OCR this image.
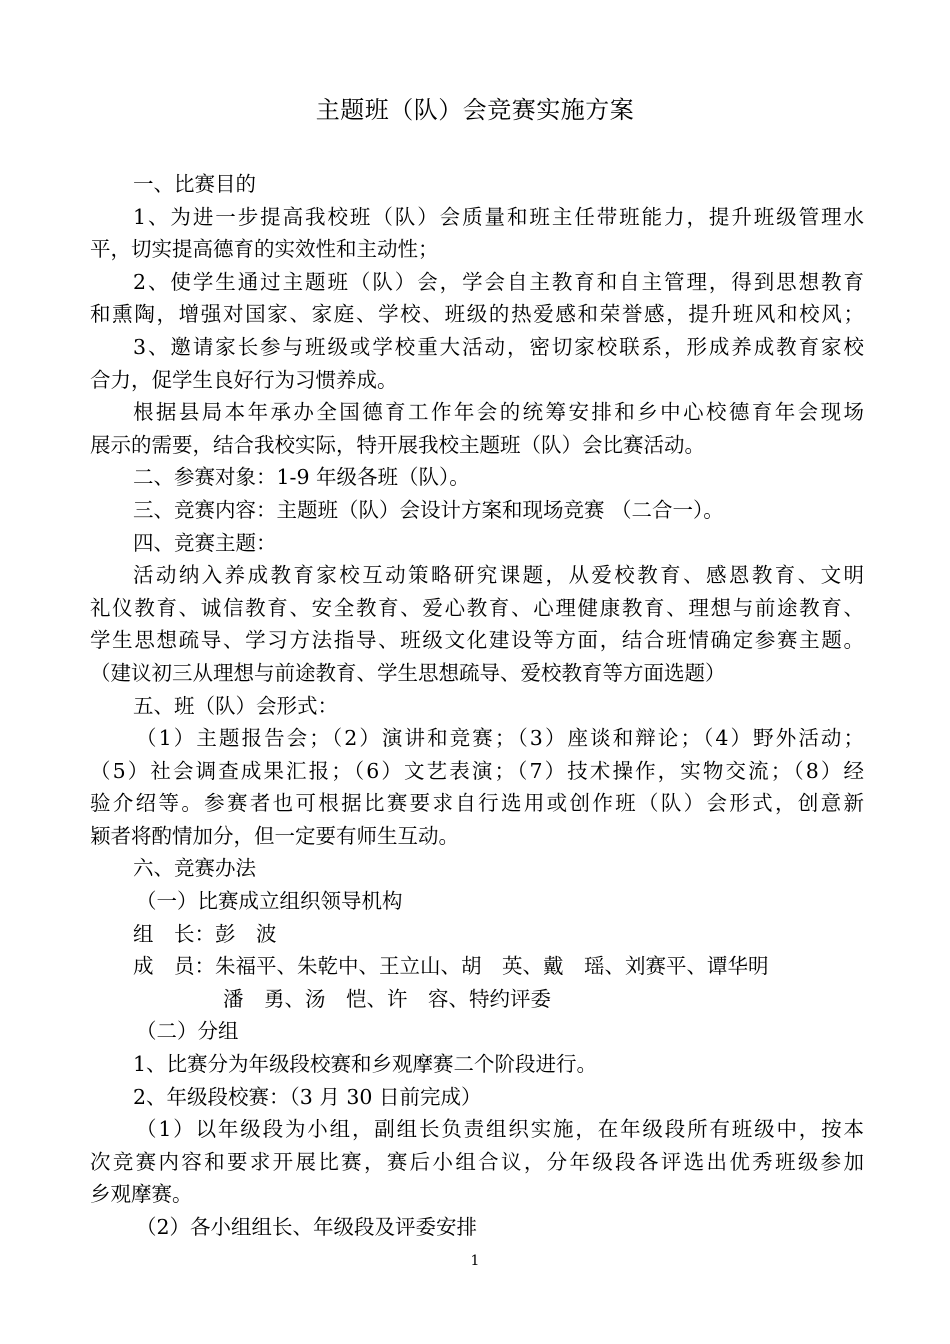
主题班（队）会竞赛实施方案

一、比赛目的

1、为进一步提高我校班（队）会质量和班主任带班能力，提升班级管理水

平，切实提高德育的实效性和主动性；

2、使学生通过主题班（队）会，学会自主教育和自主管理，得到思想教育

和熏陶，增强对国家、家庭、学校、班级的热爱感和荣誉感，提升班风和校风；

3、邀请家长参与班级或学校重大活动，密切家校联系，形成养成教育家校

合力，促学生良好行为习惯养成。

根据县局本年承办全国德育工作年会的统筹安排和乡中心校德育年会现场

展示的需要，结合我校实际，特开展我校主题班（队）会比赛活动。

二、参赛对象：1-9 年级各班（队）。

三、竞赛内容：主题班（队）会设计方案和现场竞赛 （二合一）。

四、竞赛主题：

活动纳入养成教育家校互动策略研究课题，从爱校教育、感恩教育、文明

礼仪教育、诚信教育、安全教育、爱心教育、心理健康教育、理想与前途教育、

学生思想疏导、学习方法指导、班级文化建设等方面，结合班情确定参赛主题。

（建议初三从理想与前途教育、学生思想疏导、爱校教育等方面选题）

五、班（队）会形式：

（1）主题报告会；（2）演讲和竞赛；（3）座谈和辩论；（4）野外活动；

（5）社会调查成果汇报；（6）文艺表演；（7）技术操作，实物交流；（8）经

验介绍等。参赛者也可根据比赛要求自行选用或创作班（队）会形式，创意新

颖者将酌情加分，但一定要有师生互动。

六、竞赛办法

（一）比赛成立组织领导机构

组　长：彭　波

成　员：朱福平、朱乾中、王立山、胡　英、戴　瑶、刘赛平、谭华明

潘　勇、汤　恺、许　容、特约评委

（二）分组

1、比赛分为年级段校赛和乡观摩赛二个阶段进行。

2、年级段校赛：（3 月 30 日前完成）

（1）以年级段为小组，副组长负责组织实施，在年级段所有班级中，按本

次竞赛内容和要求开展比赛，赛后小组合议，分年级段各评选出优秀班级参加

乡观摩赛。

（2）各小组组长、年级段及评委安排

1
